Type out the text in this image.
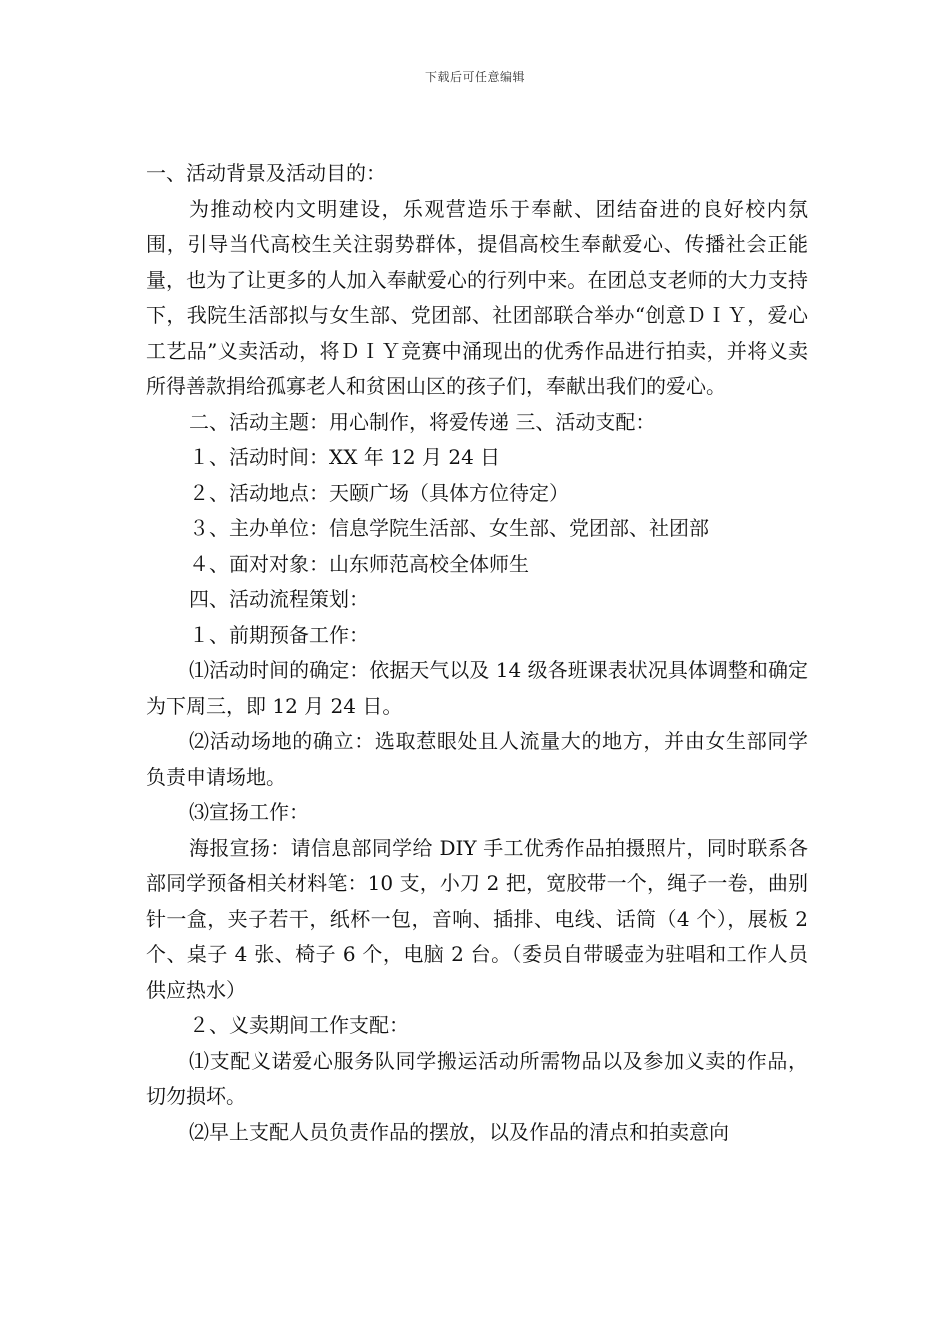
下载后可任意编辑

一、活动背景及活动目的：

为推动校内文明建设，乐观营造乐于奉献、团结奋进的良好校内氛围，引导当代高校生关注弱势群体，提倡高校生奉献爱心、传播社会正能量，也为了让更多的人加入奉献爱心的行列中来。在团总支老师的大力支持下，我院生活部拟与女生部、党团部、社团部联合举办“创意ＤＩＹ，爱心工艺品”义卖活动，将ＤＩＹ竞赛中涌现出的优秀作品进行拍卖，并将义卖所得善款捐给孤寡老人和贫困山区的孩子们，奉献出我们的爱心。

二、活动主题：用心制作，将爱传递 三、活动支配：

１、活动时间：XX 年 12 月 24 日

２、活动地点：天颐广场（具体方位待定）

３、主办单位：信息学院生活部、女生部、党团部、社团部

４、面对对象：山东师范高校全体师生

四、活动流程策划：

１、前期预备工作：

⑴活动时间的确定：依据天气以及 14 级各班课表状况具体调整和确定为下周三，即 12 月 24 日。

⑵活动场地的确立：选取惹眼处且人流量大的地方，并由女生部同学负责申请场地。

⑶宣扬工作：

海报宣扬：请信息部同学给 DIY 手工优秀作品拍摄照片，同时联系各部同学预备相关材料笔：10 支，小刀 2 把，宽胶带一个，绳子一卷，曲别针一盒，夹子若干，纸杯一包，音响、插排、电线、话筒（4 个），展板 2 个、桌子 4 张、椅子 6 个，电脑 2 台。（委员自带暖壶为驻唱和工作人员供应热水）

２、义卖期间工作支配：

⑴支配义诺爱心服务队同学搬运活动所需物品以及参加义卖的作品，切勿损坏。

⑵早上支配人员负责作品的摆放，以及作品的清点和拍卖意向
